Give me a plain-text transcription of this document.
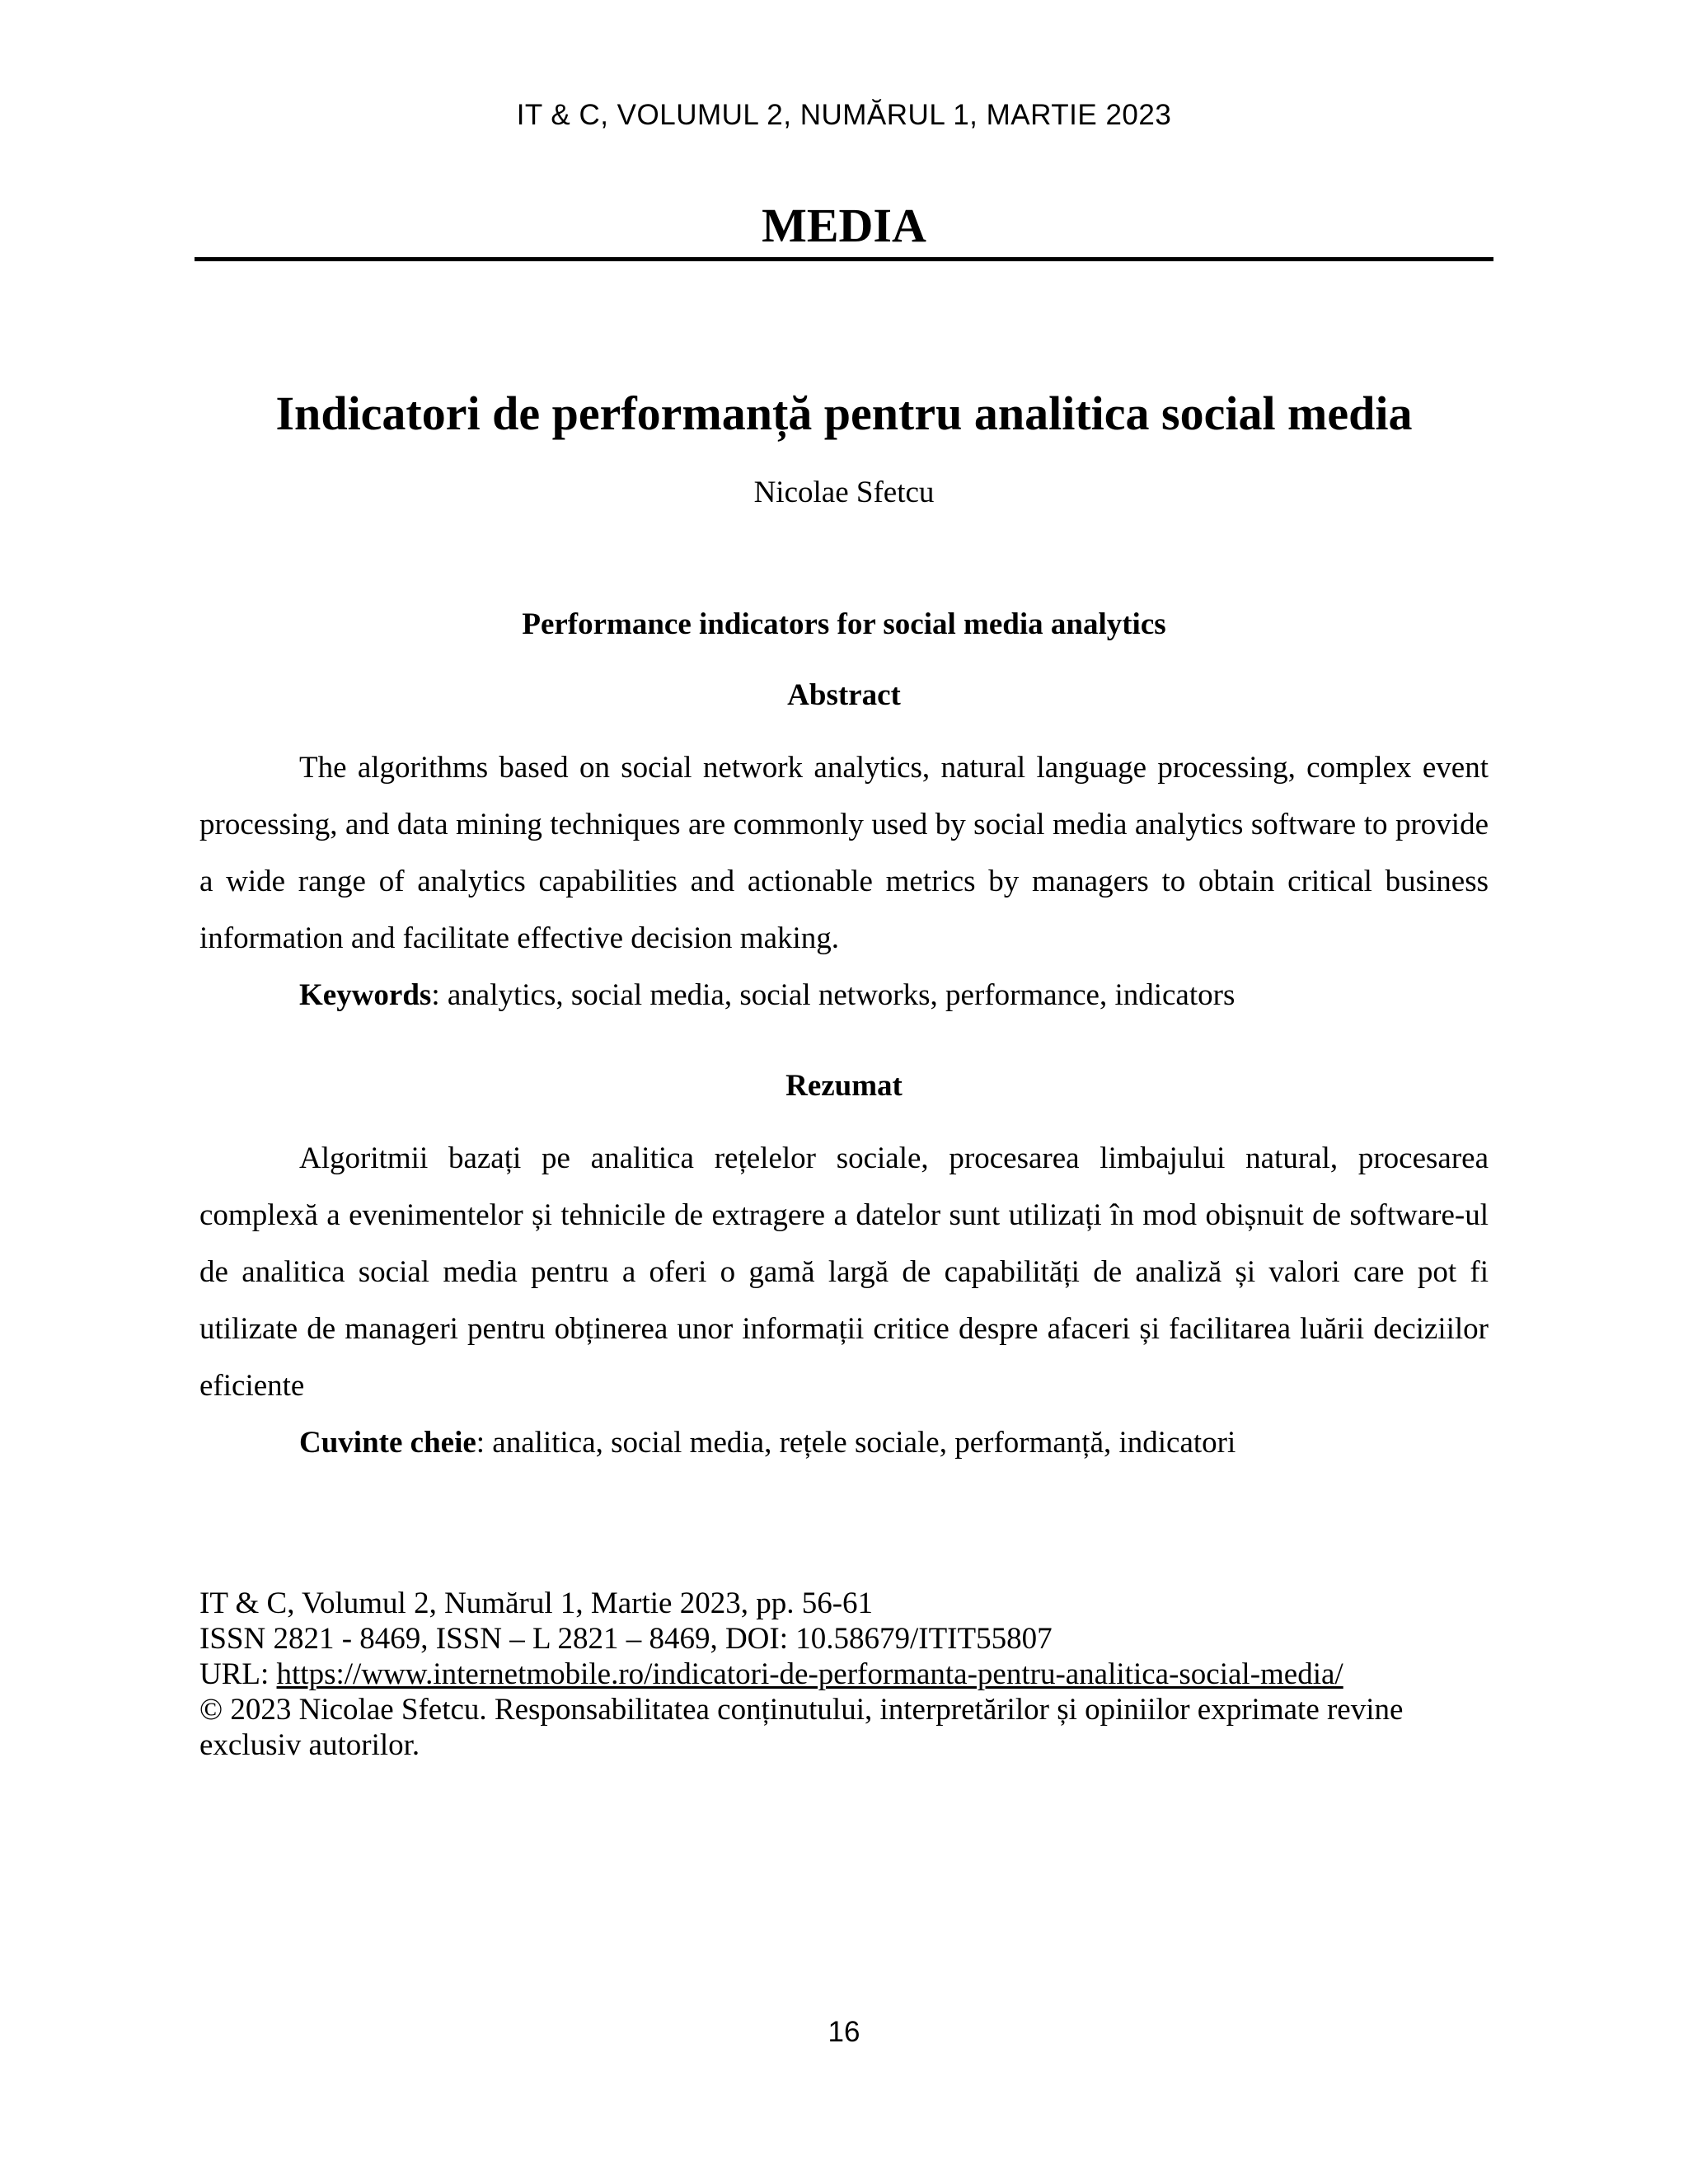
IT & C, VOLUMUL 2, NUMĂRUL 1, MARTIE 2023
MEDIA
Indicatori de performanță pentru analitica social media
Nicolae Sfetcu
Performance indicators for social media analytics
Abstract

The algorithms based on social network analytics, natural language processing, complex event processing, and data mining techniques are commonly used by social media analytics software to provide a wide range of analytics capabilities and actionable metrics by managers to obtain critical business information and facilitate effective decision making.

Keywords: analytics, social media, social networks, performance, indicators
Rezumat

Algoritmii bazați pe analitica rețelelor sociale, procesarea limbajului natural, procesarea complexă a evenimentelor și tehnicile de extragere a datelor sunt utilizați în mod obișnuit de software-ul de analitica social media pentru a oferi o gamă largă de capabilități de analiză și valori care pot fi utilizate de manageri pentru obținerea unor informații critice despre afaceri și facilitarea luării deciziilor eficiente

Cuvinte cheie: analitica, social media, rețele sociale, performanță, indicatori
IT & C, Volumul 2, Numărul 1, Martie 2023, pp. 56-61
ISSN 2821 - 8469, ISSN – L 2821 – 8469, DOI: 10.58679/ITIT55807
URL: https://www.internetmobile.ro/indicatori-de-performanta-pentru-analitica-social-media/
© 2023 Nicolae Sfetcu. Responsabilitatea conținutului, interpretărilor și opiniilor exprimate revine exclusiv autorilor.
16
